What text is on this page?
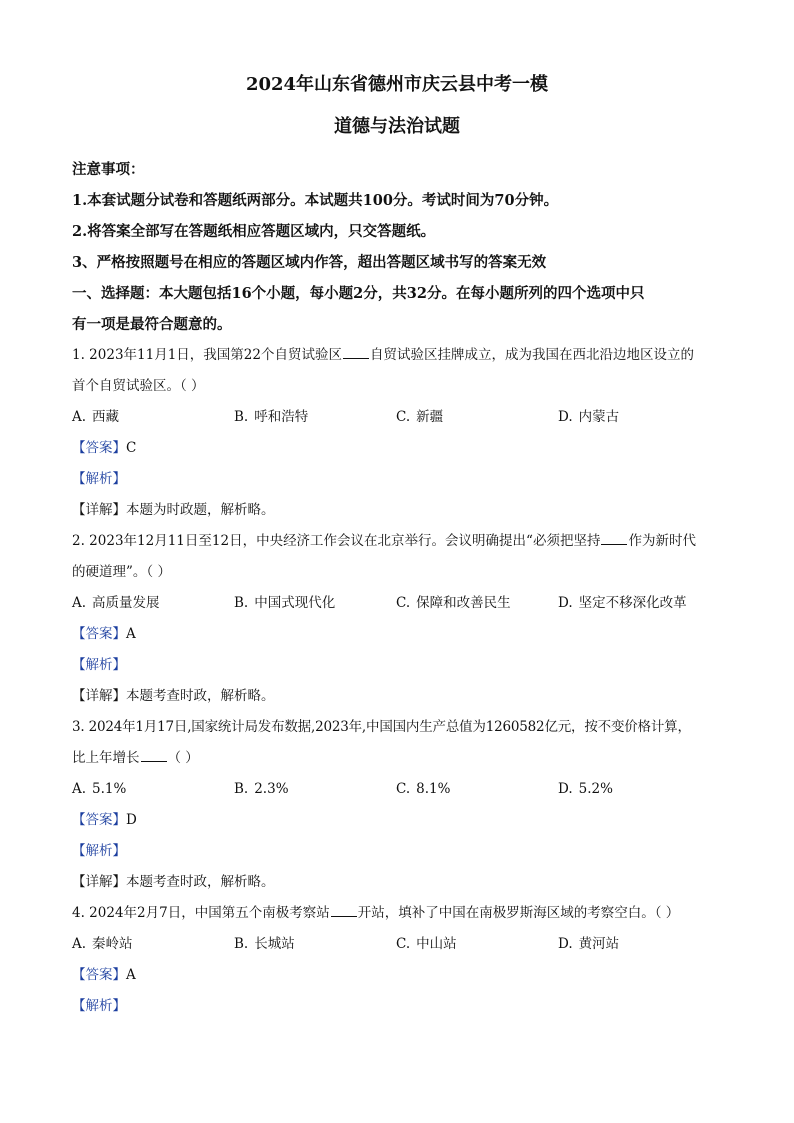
2024年山东省德州市庆云县中考一模

道德与法治试题

注意事项：

1.本套试题分试卷和答题纸两部分。本试题共100分。考试时间为70分钟。

2.将答案全部写在答题纸相应答题区域内，只交答题纸。

3、严格按照题号在相应的答题区域内作答，超出答题区域书写的答案无效

一、选择题：本大题包括16个小题，每小题2分，共32分。在每小题所列的四个选项中只

有一项是最符合题意的。

1. 2023年11月1日，我国第22个自贸试验区 自贸试验区挂牌成立，成为我国在西北沿边地区设立的

首个自贸试验区。（ ）

A. 西藏	B. 呼和浩特	C. 新疆	D. 内蒙古

【答案】C

【解析】

【详解】本题为时政题，解析略。

2. 2023年12月11日至12日，中央经济工作会议在北京举行。会议明确提出“必须把坚持 作为新时代

的硬道理”。（ ）

A. 高质量发展	B. 中国式现代化	C. 保障和改善民生	D. 坚定不移深化改革

【答案】A

【解析】

【详解】本题考查时政，解析略。

3. 2024年1月17日,国家统计局发布数据,2023年,中国国内生产总值为1260582亿元，按不变价格计算，

比上年增长 （ ）

A. 5.1%	B. 2.3%	C. 8.1%	D. 5.2%

【答案】D

【解析】

【详解】本题考查时政，解析略。

4. 2024年2月7日，中国第五个南极考察站 开站，填补了中国在南极罗斯海区域的考察空白。（ ）

A. 秦岭站	B. 长城站	C. 中山站	D. 黄河站

【答案】A

【解析】
